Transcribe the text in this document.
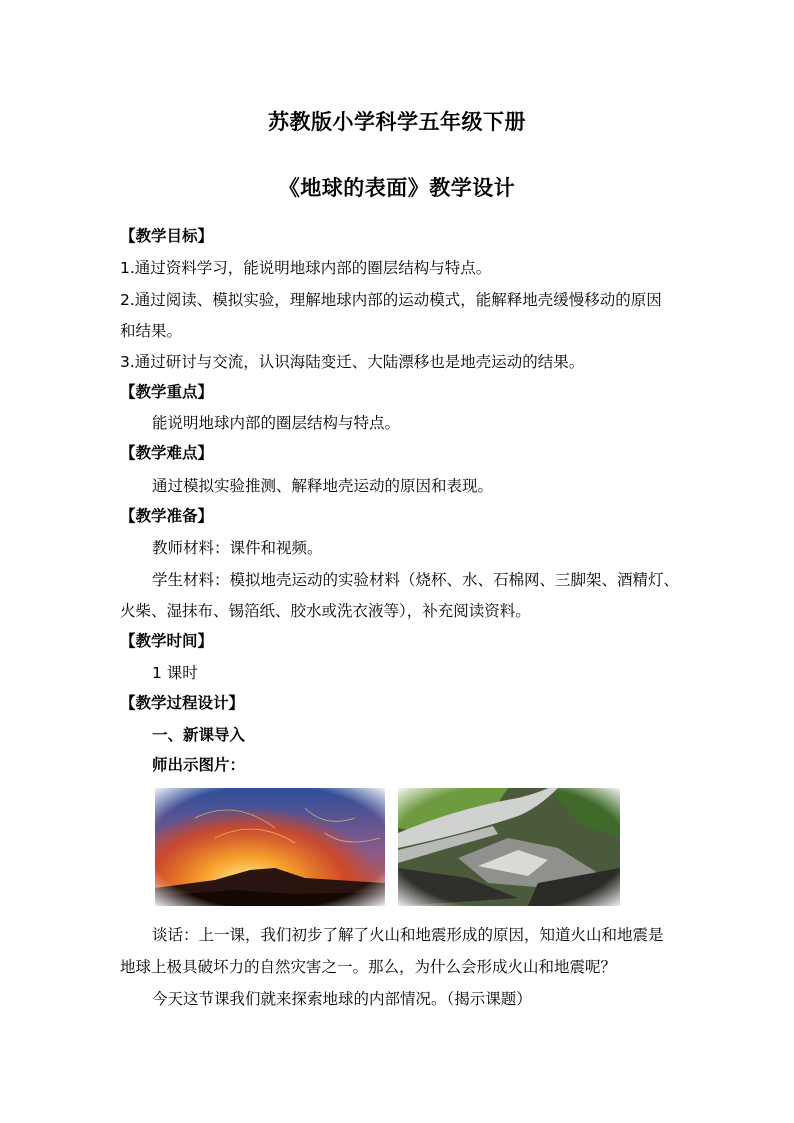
苏教版小学科学五年级下册
《地球的表面》教学设计
【教学目标】
1.通过资料学习，能说明地球内部的圈层结构与特点。
2.通过阅读、模拟实验，理解地球内部的运动模式，能解释地壳缓慢移动的原因
和结果。
3.通过研讨与交流，认识海陆变迁、大陆漂移也是地壳运动的结果。
【教学重点】
能说明地球内部的圈层结构与特点。
【教学难点】
通过模拟实验推测、解释地壳运动的原因和表现。
【教学准备】
教师材料：课件和视频。
学生材料：模拟地壳运动的实验材料（烧杯、水、石棉网、三脚架、酒精灯、
火柴、湿抹布、锡箔纸、胶水或洗衣液等），补充阅读资料。
【教学时间】
1 课时
【教学过程设计】
一、新课导入
师出示图片：
谈话：上一课，我们初步了解了火山和地震形成的原因，知道火山和地震是
地球上极具破坏力的自然灾害之一。那么，为什么会形成火山和地震呢？
今天这节课我们就来探索地球的内部情况。（揭示课题）
